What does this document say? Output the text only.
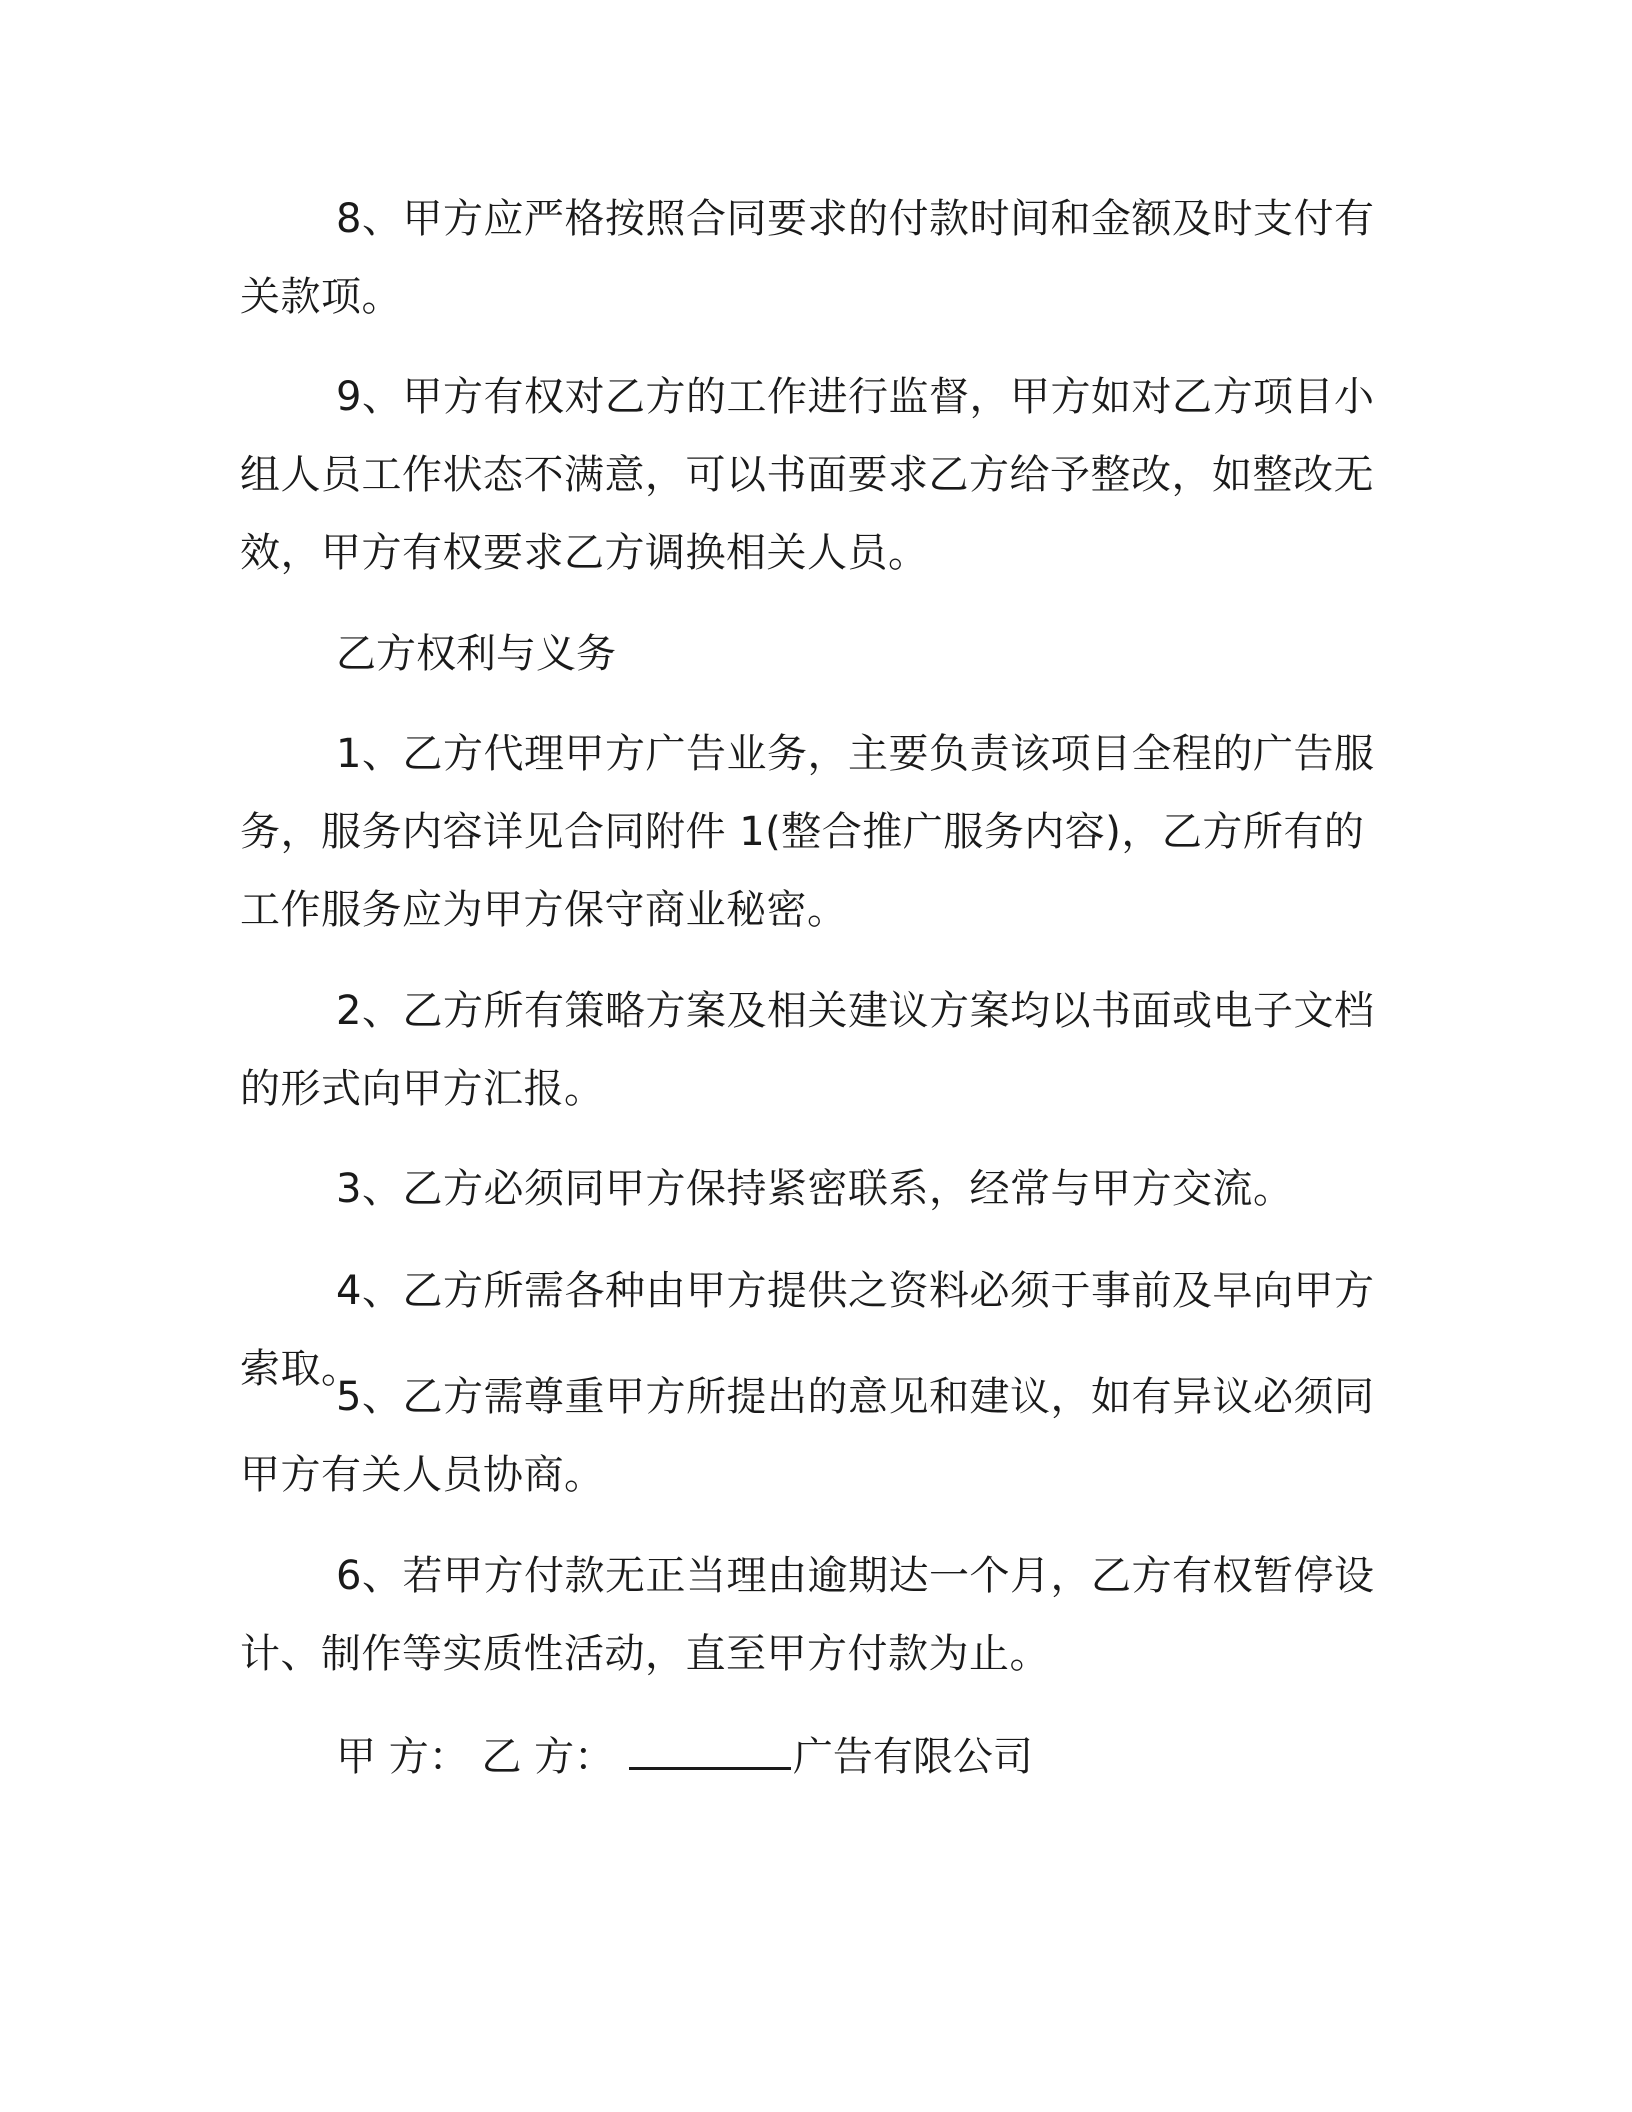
8、甲方应严格按照合同要求的付款时间和金额及时支付有关款项。

9、甲方有权对乙方的工作进行监督，甲方如对乙方项目小组人员工作状态不满意，可以书面要求乙方给予整改，如整改无效，甲方有权要求乙方调换相关人员。

乙方权利与义务

1、乙方代理甲方广告业务，主要负责该项目全程的广告服务，服务内容详见合同附件 1(整合推广服务内容)，乙方所有的工作服务应为甲方保守商业秘密。

2、乙方所有策略方案及相关建议方案均以书面或电子文档的形式向甲方汇报。

3、乙方必须同甲方保持紧密联系，经常与甲方交流。

4、乙方所需各种由甲方提供之资料必须于事前及早向甲方索取。

5、乙方需尊重甲方所提出的意见和建议，如有异议必须同甲方有关人员协商。

6、若甲方付款无正当理由逾期达一个月，乙方有权暂停设计、制作等实质性活动，直至甲方付款为止。

甲 方： 乙 方：	广告有限公司
